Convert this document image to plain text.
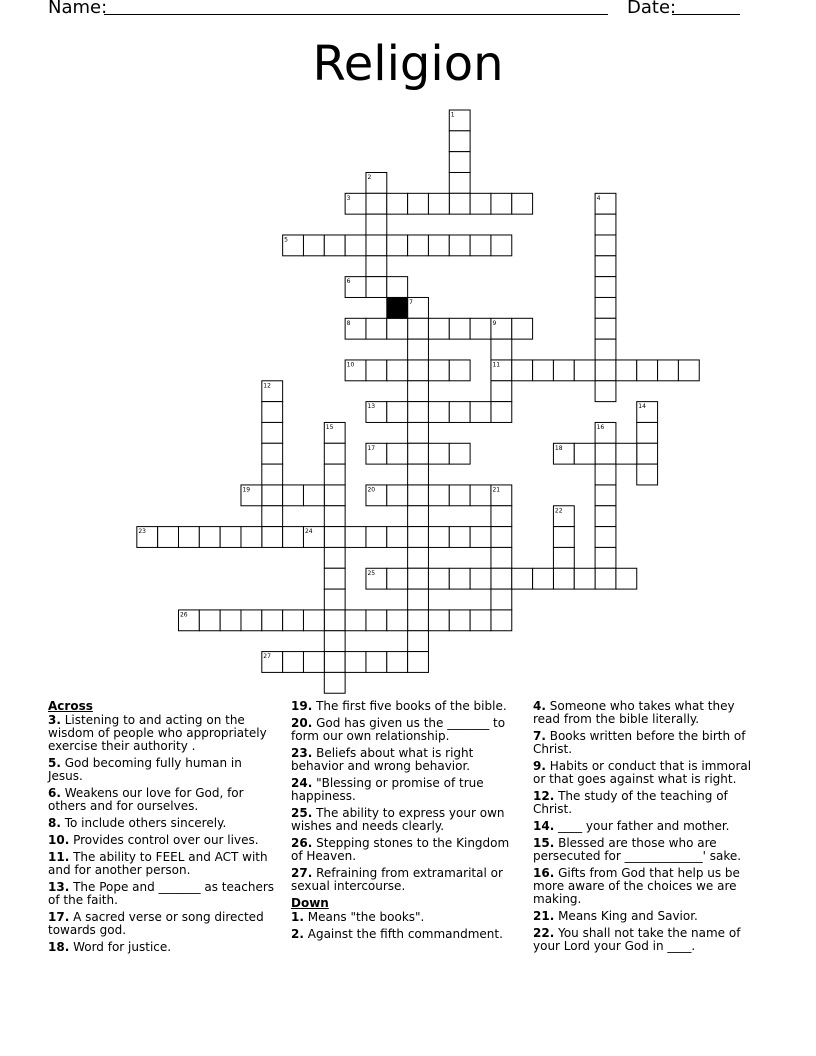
Name:	Date:
Religion
1
2
3	4
5
6
7
8	9
10	11
12
13	14
15	16
17	18
19	20	21
22
23	24
25
26
27
Across
3. Listening to and acting on the wisdom of people who appropriately exercise their authority .
5. God becoming fully human in Jesus.
6. Weakens our love for God, for others and for ourselves.
8. To include others sincerely.
10. Provides control over our lives.
11. The ability to FEEL and ACT with and for another person.
13. The Pope and _______ as teachers of the faith.
17. A sacred verse or song directed towards god.
18. Word for justice.
19. The first five books of the bible.
20. God has given us the _______ to form our own relationship.
23. Beliefs about what is right behavior and wrong behavior.
24. "Blessing or promise of true happiness.
25. The ability to express your own wishes and needs clearly.
26. Stepping stones to the Kingdom of Heaven.
27. Refraining from extramarital or sexual intercourse.
Down
1. Means "the books".
2. Against the fifth commandment.
4. Someone who takes what they read from the bible literally.
7. Books written before the birth of Christ.
9. Habits or conduct that is immoral or that goes against what is right.
12. The study of the teaching of Christ.
14. ____ your father and mother.
15. Blessed are those who are persecuted for _____________' sake.
16. Gifts from God that help us be more aware of the choices we are making.
21. Means King and Savior.
22. You shall not take the name of your Lord your God in ____.
